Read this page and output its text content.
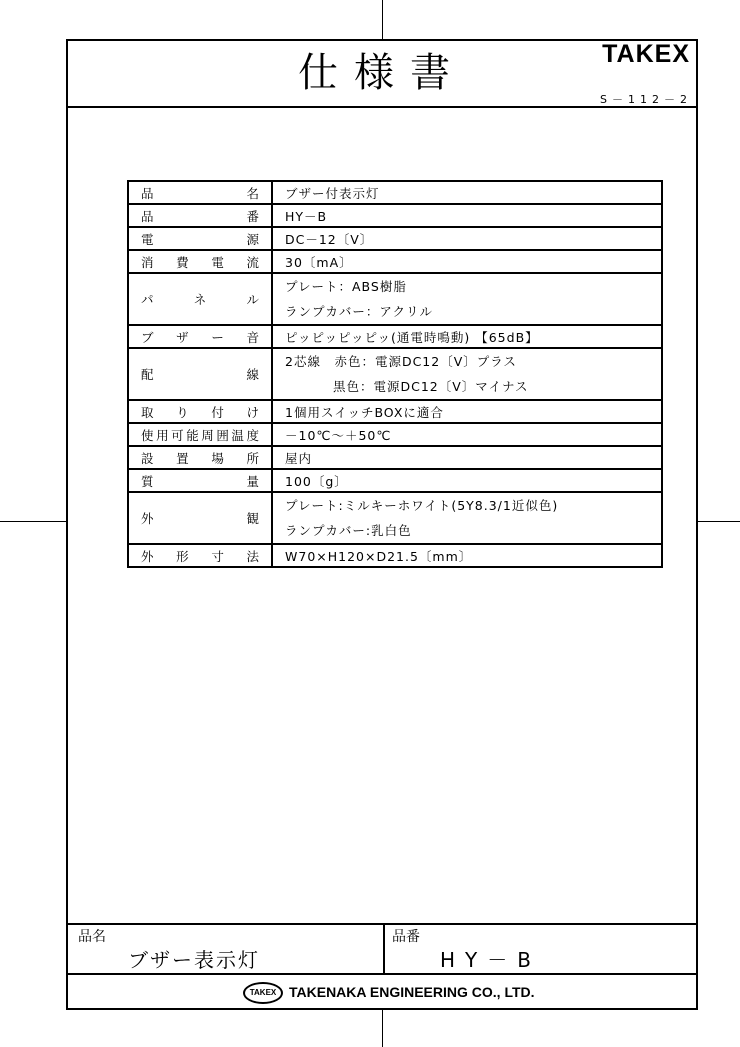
仕様書	TAKEX
S－112－2
品名	ブザー付表示灯
品番	HY－B
電源	DC－12〔V〕
消費電流	30〔mA〕
パネル	プレート：ABS樹脂
ランプカバー：アクリル

ブザー音	ピッピッピッピッ(通電時鳴動) 【65dB】
配線	2芯線　赤色：電源DC12〔V〕プラス
黒色：電源DC12〔V〕マイナス

取り付け	1個用スイッチBOXに適合
使用可能周囲温度	－10℃～＋50℃
設置場所	屋内
質量	100〔g〕
外観	プレート:ミルキーホワイト(5Y8.3/1近似色)
ランプカバー:乳白色

外形寸法	W70×H120×D21.5〔mm〕
品名
ブザー表示灯
品番
HY－B
TAKEX TAKENAKA ENGINEERING CO., LTD.
